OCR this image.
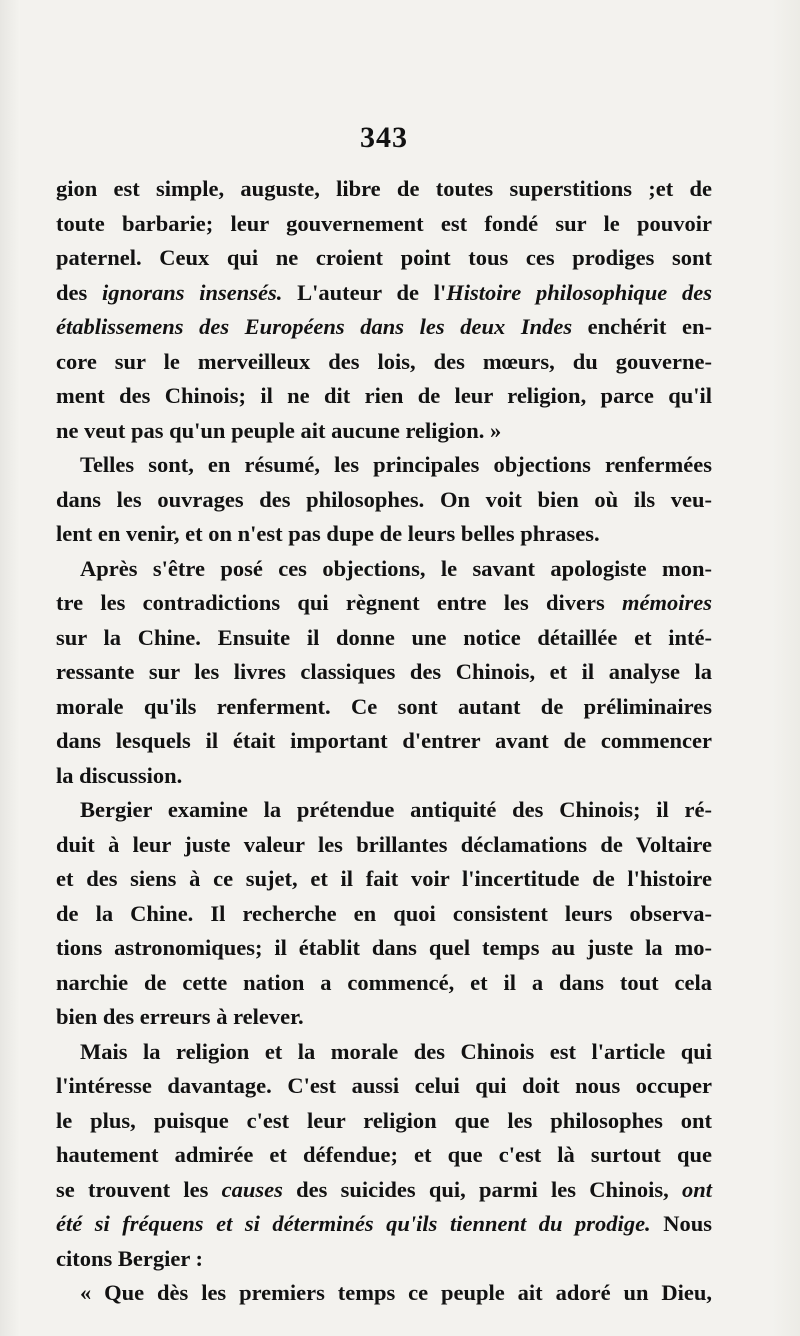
343
gion est simple, auguste, libre de toutes superstitions ;et de
toute barbarie; leur gouvernement est fondé sur le pouvoir
paternel. Ceux qui ne croient point tous ces prodiges sont
des ignorans insensés. L'auteur de l'Histoire philosophique des
établissemens des Européens dans les deux Indes enchérit en-
core sur le merveilleux des lois, des mœurs, du gouverne-
ment des Chinois; il ne dit rien de leur religion, parce qu'il
ne veut pas qu'un peuple ait aucune religion. »
Telles sont, en résumé, les principales objections renfermées
dans les ouvrages des philosophes. On voit bien où ils veu-
lent en venir, et on n'est pas dupe de leurs belles phrases.
Après s'être posé ces objections, le savant apologiste mon-
tre les contradictions qui règnent entre les divers mémoires
sur la Chine. Ensuite il donne une notice détaillée et inté-
ressante sur les livres classiques des Chinois, et il analyse la
morale qu'ils renferment. Ce sont autant de préliminaires
dans lesquels il était important d'entrer avant de commencer
la discussion.
Bergier examine la prétendue antiquité des Chinois; il ré-
duit à leur juste valeur les brillantes déclamations de Voltaire
et des siens à ce sujet, et il fait voir l'incertitude de l'histoire
de la Chine. Il recherche en quoi consistent leurs observa-
tions astronomiques; il établit dans quel temps au juste la mo-
narchie de cette nation a commencé, et il a dans tout cela
bien des erreurs à relever.
Mais la religion et la morale des Chinois est l'article qui
l'intéresse davantage. C'est aussi celui qui doit nous occuper
le plus, puisque c'est leur religion que les philosophes ont
hautement admirée et défendue; et que c'est là surtout que
se trouvent les causes des suicides qui, parmi les Chinois, ont
été si fréquens et si déterminés qu'ils tiennent du prodige. Nous
citons Bergier :
« Que dès les premiers temps ce peuple ait adoré un Dieu,
